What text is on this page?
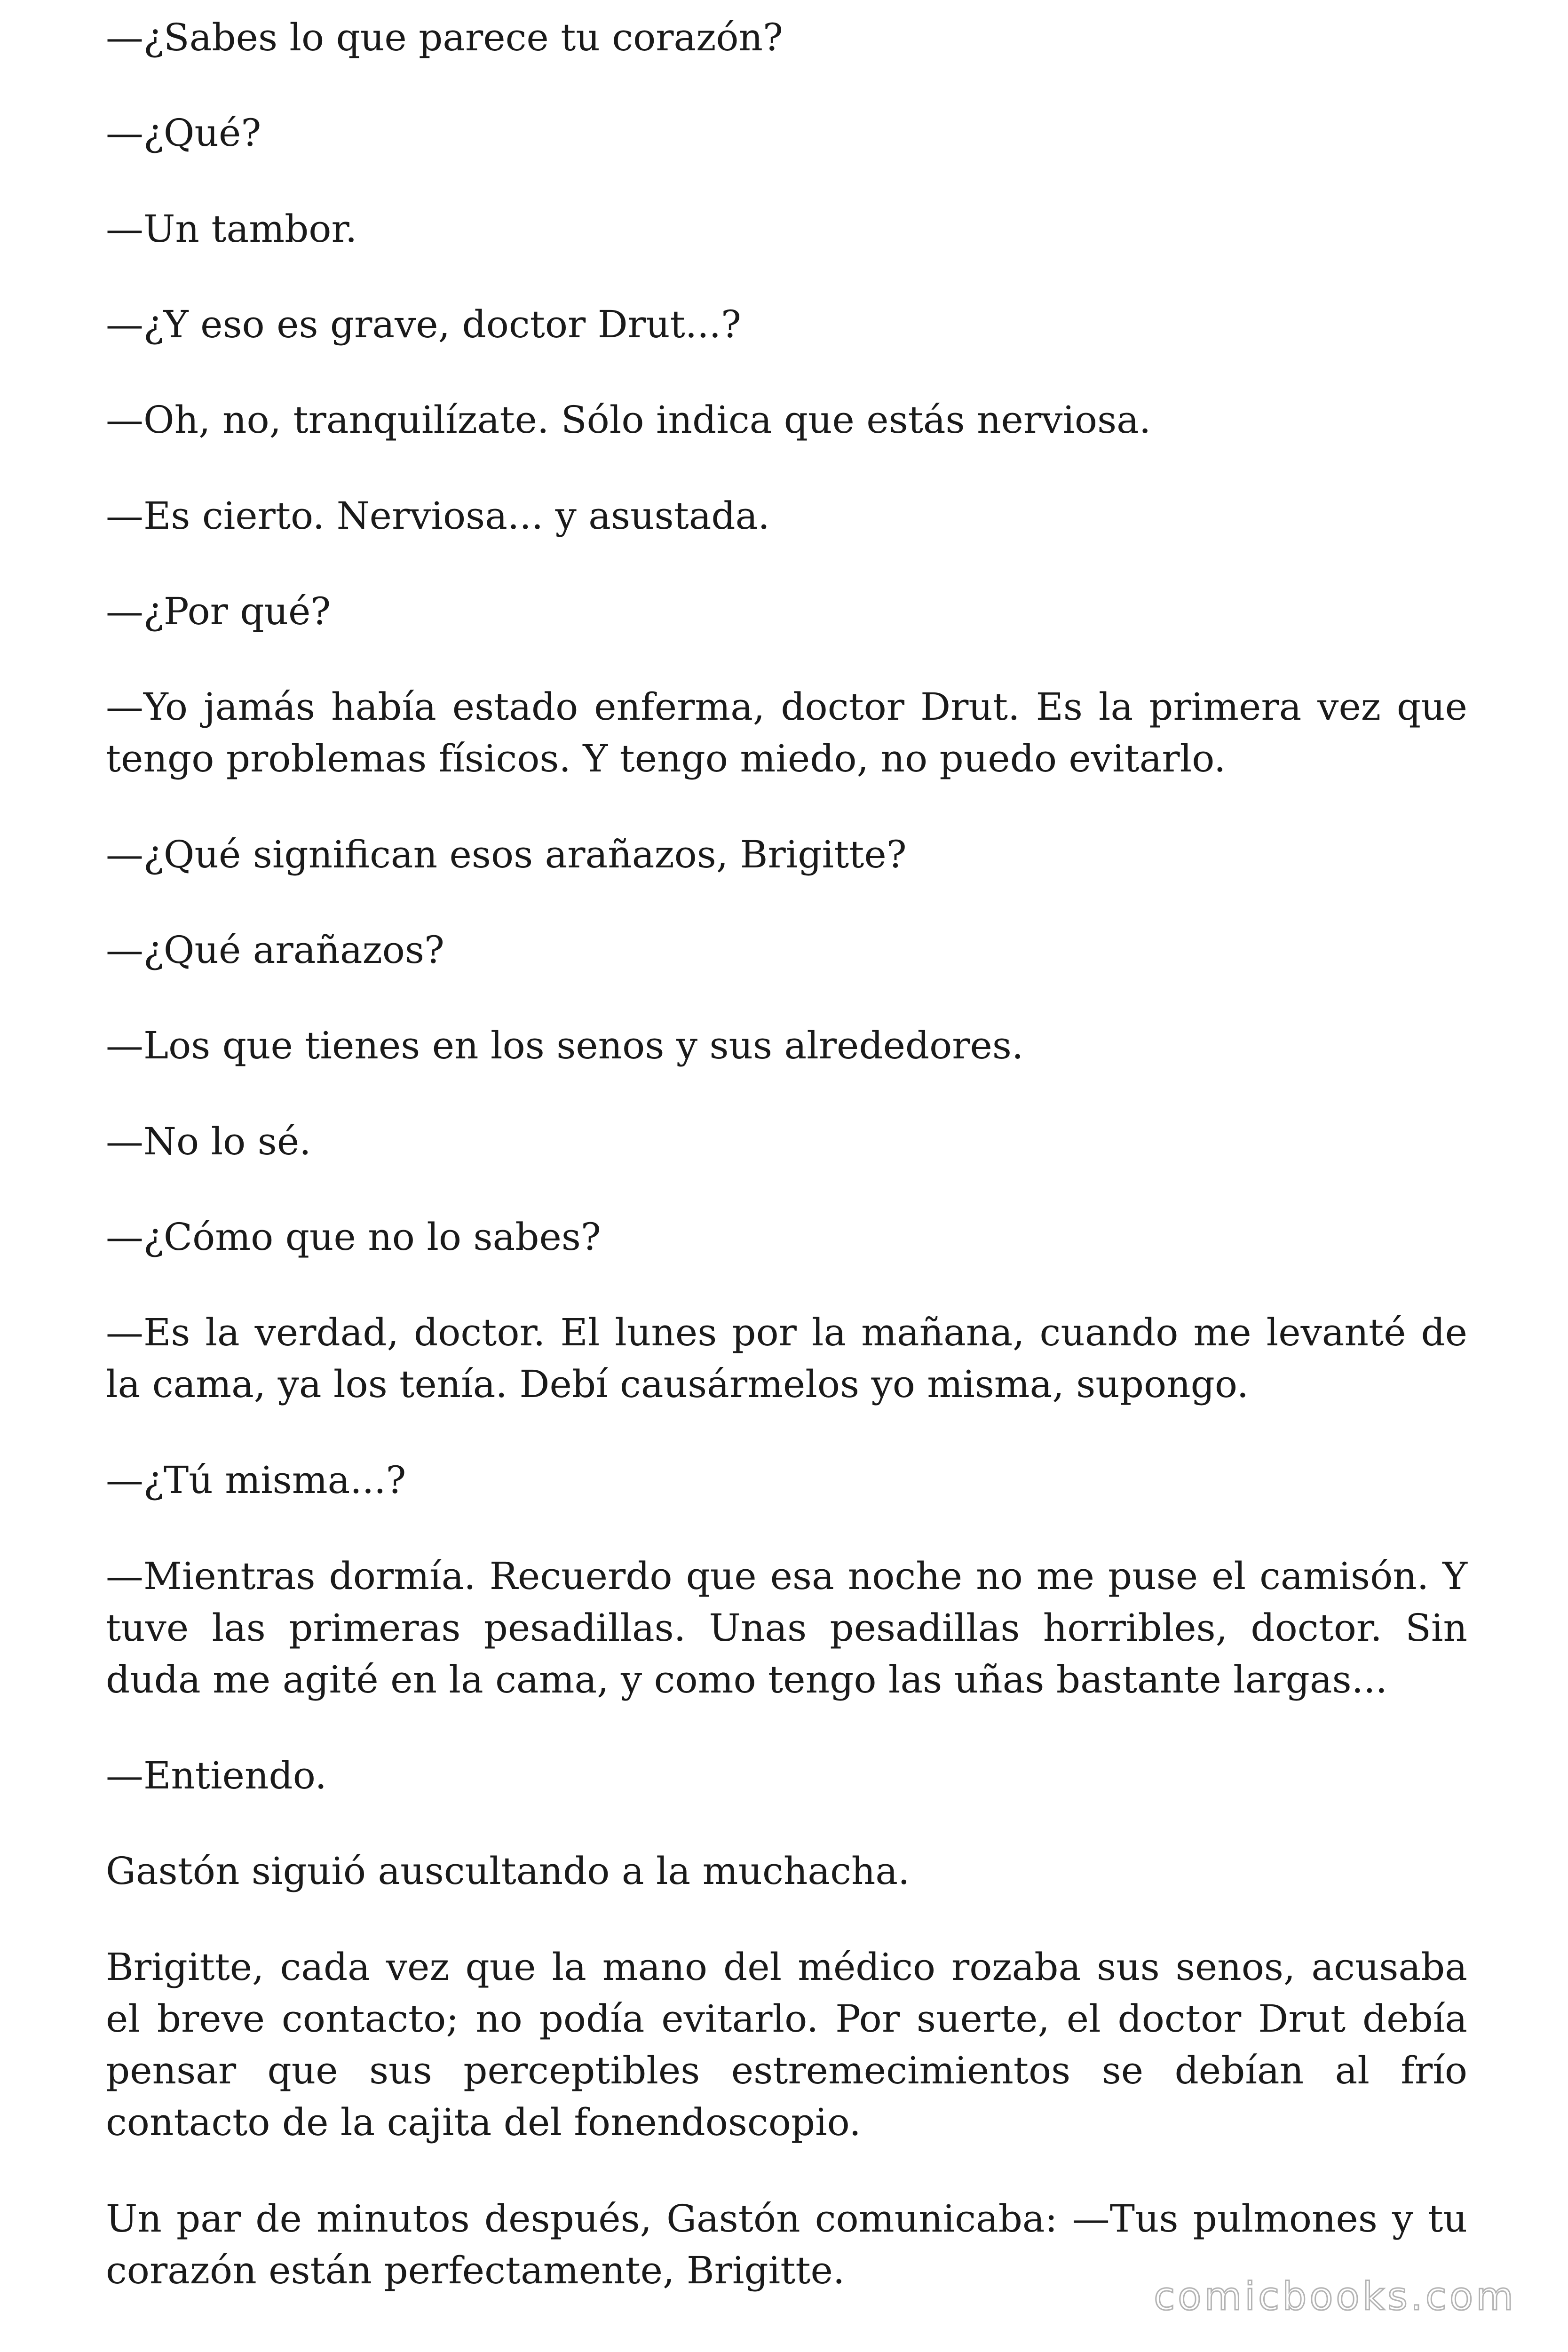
—¿Sabes lo que parece tu corazón?

—¿Qué?

—Un tambor.

—¿Y eso es grave, doctor Drut...?

—Oh, no, tranquilízate. Sólo indica que estás nerviosa.

—Es cierto. Nerviosa... y asustada.

—¿Por qué?

—Yo jamás había estado enferma, doctor Drut. Es la primera vez que tengo problemas físicos. Y tengo miedo, no puedo evitarlo.

—¿Qué significan esos arañazos, Brigitte?

—¿Qué arañazos?

—Los que tienes en los senos y sus alrededores.

—No lo sé.

—¿Cómo que no lo sabes?

—Es la verdad, doctor. El lunes por la mañana, cuando me levanté de la cama, ya los tenía. Debí causármelos yo misma, supongo.

—¿Tú misma...?

—Mientras dormía. Recuerdo que esa noche no me puse el camisón. Y tuve las primeras pesadillas. Unas pesadillas horribles, doctor. Sin duda me agité en la cama, y como tengo las uñas bastante largas...

—Entiendo.

Gastón siguió auscultando a la muchacha.

Brigitte, cada vez que la mano del médico rozaba sus senos, acusaba el breve contacto; no podía evitarlo. Por suerte, el doctor Drut debía pensar que sus perceptibles estremecimientos se debían al frío contacto de la cajita del fonendoscopio.

Un par de minutos después, Gastón comunicaba: —Tus pulmones y tu corazón están perfectamente, Brigitte.

comicbooks.com
